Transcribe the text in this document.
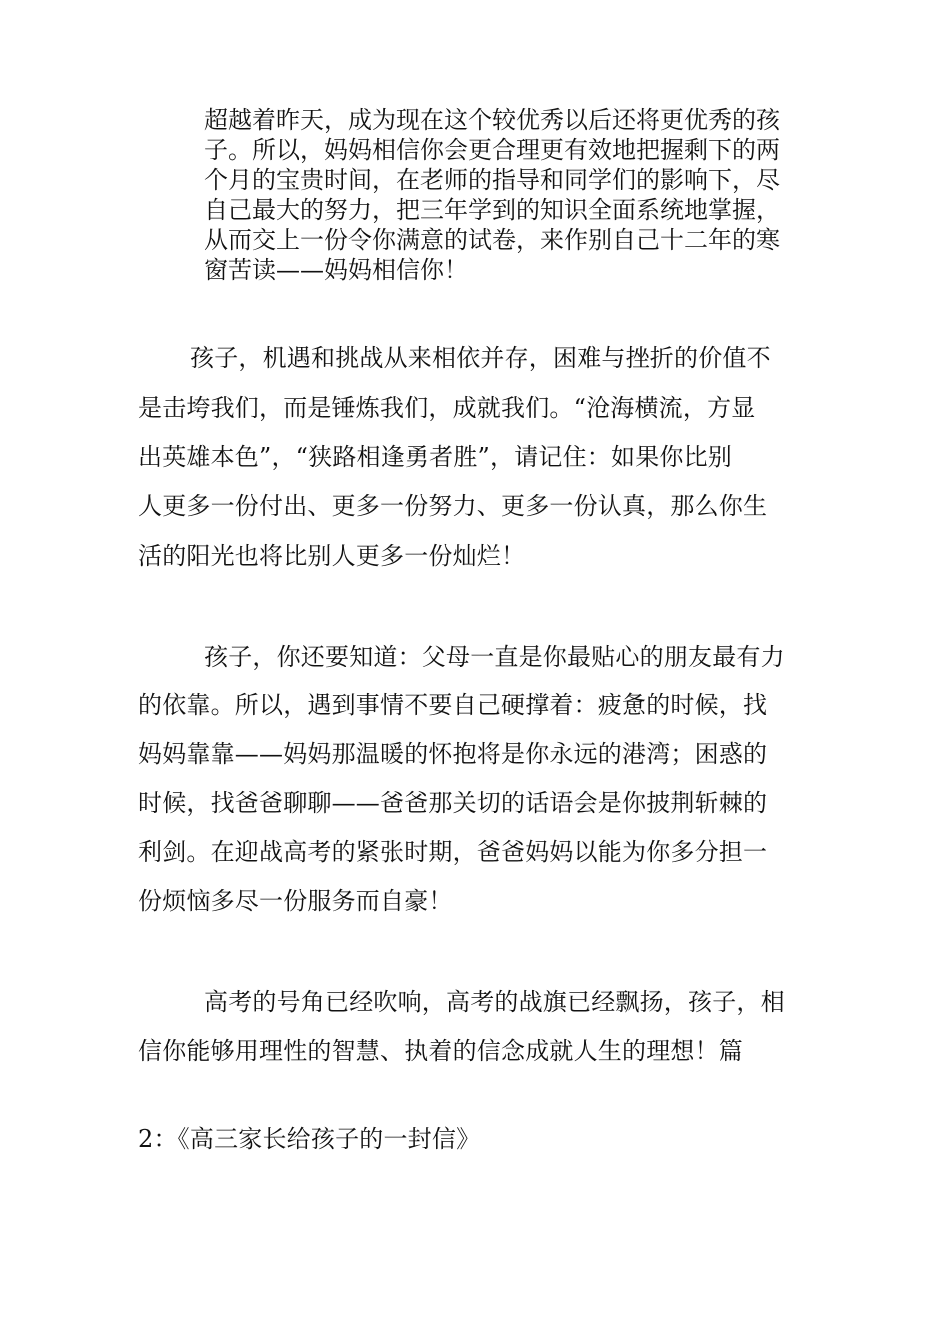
超越着昨天，成为现在这个较优秀以后还将更优秀的孩
子。所以，妈妈相信你会更合理更有效地把握剩下的两
个月的宝贵时间，在老师的指导和同学们的影响下，尽
自己最大的努力，把三年学到的知识全面系统地掌握，
从而交上一份令你满意的试卷，来作别自己十二年的寒
窗苦读——妈妈相信你！
孩子，机遇和挑战从来相依并存，困难与挫折的价值不
是击垮我们，而是锤炼我们，成就我们。“沧海横流，方显
出英雄本色”，“狭路相逢勇者胜”，请记住：如果你比别
人更多一份付出、更多一份努力、更多一份认真，那么你生
活的阳光也将比别人更多一份灿烂！
孩子，你还要知道：父母一直是你最贴心的朋友最有力
的依靠。所以，遇到事情不要自己硬撑着：疲惫的时候，找
妈妈靠靠——妈妈那温暖的怀抱将是你永远的港湾；困惑的
时候，找爸爸聊聊——爸爸那关切的话语会是你披荆斩棘的
利剑。在迎战高考的紧张时期，爸爸妈妈以能为你多分担一
份烦恼多尽一份服务而自豪！
高考的号角已经吹响，高考的战旗已经飘扬，孩子，相
信你能够用理性的智慧、执着的信念成就人生的理想！篇
2：《高三家长给孩子的一封信》
